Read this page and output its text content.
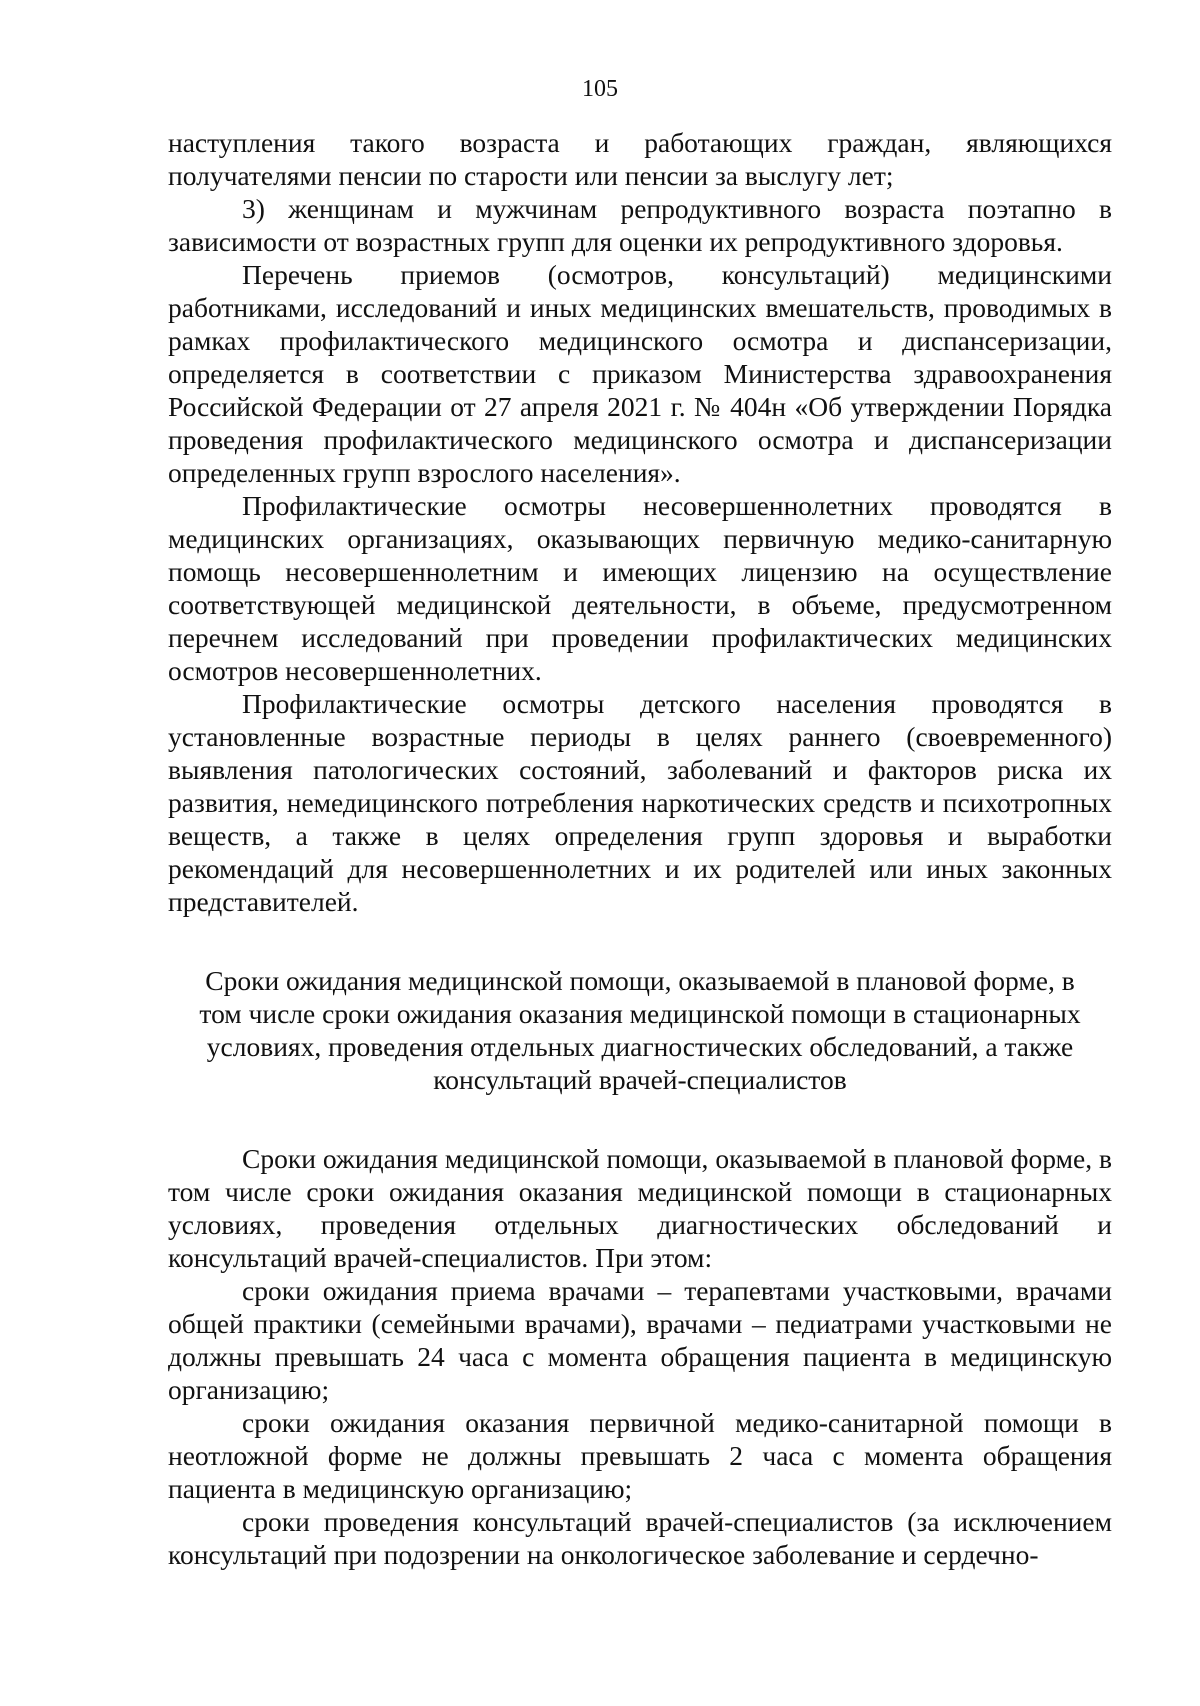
105

наступления такого возраста и работающих граждан, являющихся получателями пенсии по старости или пенсии за выслугу лет;

3) женщинам и мужчинам репродуктивного возраста поэтапно в зависимости от возрастных групп для оценки их репродуктивного здоровья.

Перечень приемов (осмотров, консультаций) медицинскими работниками, исследований и иных медицинских вмешательств, проводимых в рамках профилактического медицинского осмотра и диспансеризации, определяется в соответствии с приказом Министерства здравоохранения Российской Федерации от 27 апреля 2021 г. № 404н «Об утверждении Порядка проведения профилактического медицинского осмотра и диспансеризации определенных групп взрослого населения».

Профилактические осмотры несовершеннолетних проводятся в медицинских организациях, оказывающих первичную медико-санитарную помощь несовершеннолетним и имеющих лицензию на осуществление соответствующей медицинской деятельности, в объеме, предусмотренном перечнем исследований при проведении профилактических медицинских осмотров несовершеннолетних.

Профилактические осмотры детского населения проводятся в установленные возрастные периоды в целях раннего (своевременного) выявления патологических состояний, заболеваний и факторов риска их развития, немедицинского потребления наркотических средств и психотропных веществ, а также в целях определения групп здоровья и выработки рекомендаций для несовершеннолетних и их родителей или иных законных представителей.

Сроки ожидания медицинской помощи, оказываемой в плановой форме, в том числе сроки ожидания оказания медицинской помощи в стационарных условиях, проведения отдельных диагностических обследований, а также консультаций врачей-специалистов

Сроки ожидания медицинской помощи, оказываемой в плановой форме, в том числе сроки ожидания оказания медицинской помощи в стационарных условиях, проведения отдельных диагностических обследований и консультаций врачей-специалистов. При этом:

сроки ожидания приема врачами – терапевтами участковыми, врачами общей практики (семейными врачами), врачами – педиатрами участковыми не должны превышать 24 часа с момента обращения пациента в медицинскую организацию;

сроки ожидания оказания первичной медико-санитарной помощи в неотложной форме не должны превышать 2 часа с момента обращения пациента в медицинскую организацию;

сроки проведения консультаций врачей-специалистов (за исключением консультаций при подозрении на онкологическое заболевание и сердечно-
